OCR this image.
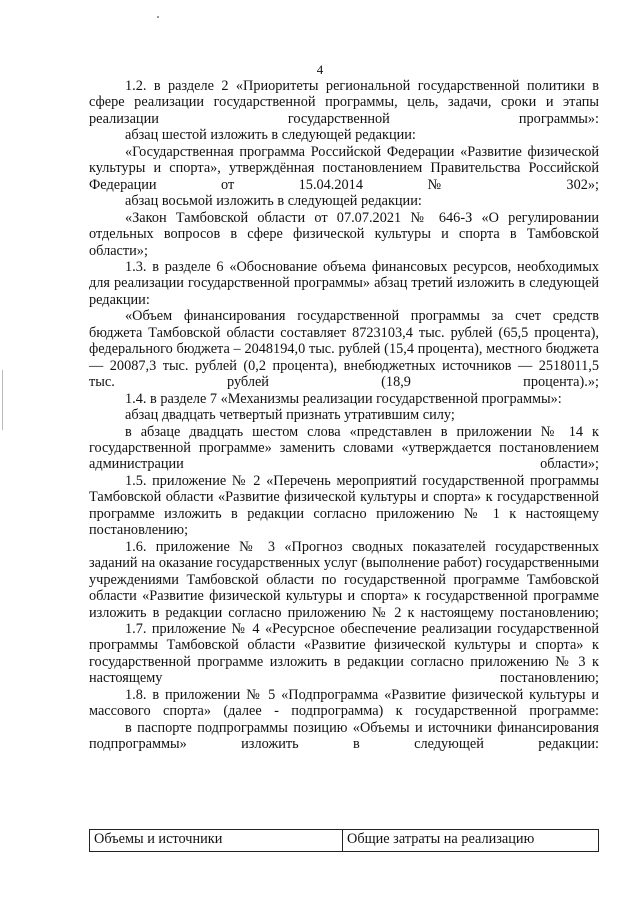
4

1.2. в разделе 2 «Приоритеты региональной государственной политики в сфере реализации государственной программы, цель, задачи, сроки и этапы реализации государственной программы»:

абзац шестой изложить в следующей редакции:

«Государственная программа Российской Федерации «Развитие физической культуры и спорта», утверждённая постановлением Правительства Российской Федерации от 15.04.2014 № 302»;

абзац восьмой изложить в следующей редакции:

«Закон Тамбовской области от 07.07.2021 № 646-З «О регулировании отдельных вопросов в сфере физической культуры и спорта в Тамбовской области»;

1.3. в разделе 6 «Обоснование объема финансовых ресурсов, необходимых для реализации государственной программы» абзац третий изложить в следующей редакции:

«Объем финансирования государственной программы за счет средств бюджета Тамбовской области составляет 8723103,4 тыс. рублей (65,5 процента), федерального бюджета – 2048194,0 тыс. рублей (15,4 процента), местного бюджета — 20087,3 тыс. рублей (0,2 процента), внебюджетных источников — 2518011,5 тыс. рублей (18,9 процента).»;

1.4. в разделе 7 «Механизмы реализации государственной программы»:

абзац двадцать четвертый признать утратившим силу;

в абзаце двадцать шестом слова «представлен в приложении № 14 к государственной программе» заменить словами «утверждается постановлением администрации области»;

1.5. приложение № 2 «Перечень мероприятий государственной программы Тамбовской области «Развитие физической культуры и спорта» к государственной программе изложить в редакции согласно приложению № 1 к настоящему постановлению;

1.6. приложение № 3 «Прогноз сводных показателей государственных заданий на оказание государственных услуг (выполнение работ) государственными учреждениями Тамбовской области по государственной программе Тамбовской области «Развитие физической культуры и спорта» к государственной программе изложить в редакции согласно приложению № 2 к настоящему постановлению;

1.7. приложение № 4 «Ресурсное обеспечение реализации государственной программы Тамбовской области «Развитие физической культуры и спорта» к государственной программе изложить в редакции согласно приложению № 3 к настоящему постановлению;

1.8. в приложении № 5 «Подпрограмма «Развитие физической культуры и массового спорта» (далее - подпрограмма) к государственной программе:

в паспорте подпрограммы позицию «Объемы и источники финансирования подпрограммы» изложить в следующей редакции:

Объемы и источники	Общие затраты на реализацию
